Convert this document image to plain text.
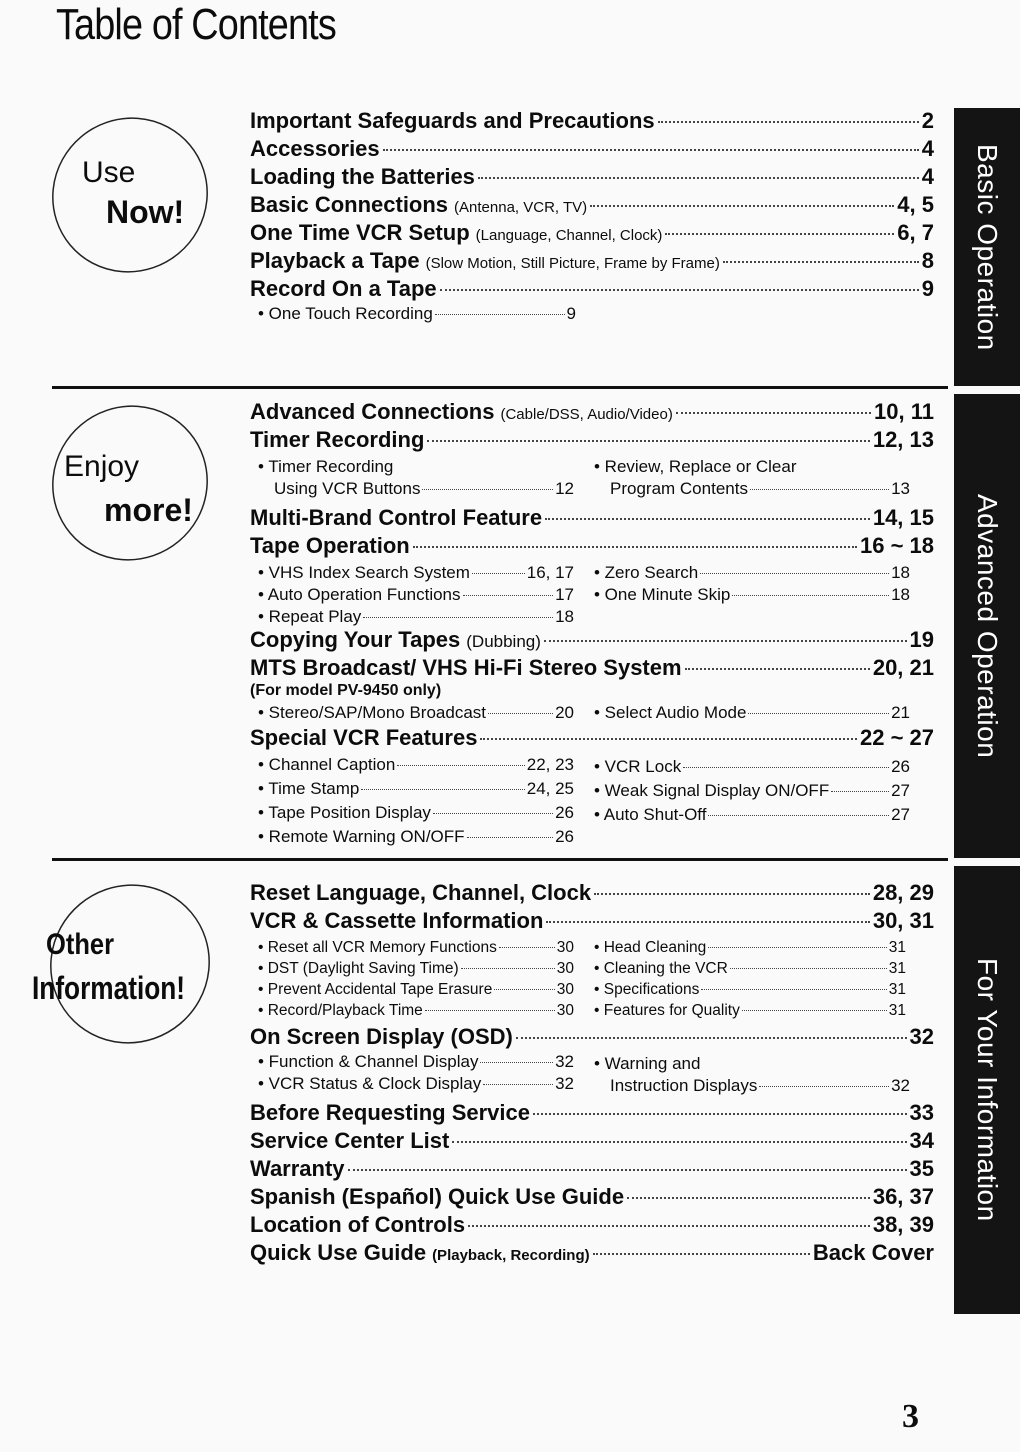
Table of Contents
Basic Operation
Advanced Operation
For Your Information
Use
Now!
Enjoy
more!
Other
Information!
Important Safeguards and Precautions	2
Accessories	4
Loading the Batteries	4
Basic Connections (Antenna, VCR, TV)	4, 5
One Time VCR Setup (Language, Channel, Clock)	6, 7
Playback a Tape (Slow Motion, Still Picture, Frame by Frame)	8
Record On a Tape	9
• One Touch Recording	9
Advanced Connections (Cable/DSS, Audio/Video)	10, 11
Timer Recording	12, 13
• Timer Recording
Using VCR Buttons	12
• Review, Replace or Clear
Program Contents	13
Multi-Brand Control Feature	14, 15
Tape Operation	16 ~ 18
• VHS Index Search System	16, 17
• Auto Operation Functions	17
• Repeat Play	18
• Zero Search	18
• One Minute Skip	18
Copying Your Tapes (Dubbing)	19
MTS Broadcast/ VHS Hi-Fi Stereo System	20, 21
(For model PV-9450 only)
• Stereo/SAP/Mono Broadcast	20 • Select Audio Mode	21
Special VCR Features	22 ~ 27
• Channel Caption	22, 23
• Time Stamp	24, 25
• Tape Position Display	26
• Remote Warning ON/OFF	26
• VCR Lock	26
• Weak Signal Display ON/OFF	27
• Auto Shut-Off	27
Reset Language, Channel, Clock	28, 29
VCR & Cassette Information	30, 31
• Reset all VCR Memory Functions	30
• DST (Daylight Saving Time)	30
• Prevent Accidental Tape Erasure	30
• Record/Playback Time	30
• Head Cleaning	31
• Cleaning the VCR	31
• Specifications	31
• Features for Quality	31
On Screen Display (OSD)	32
• Function & Channel Display	32
• VCR Status & Clock Display	32
• Warning and
Instruction Displays	32
Before Requesting Service	33
Service Center List	34
Warranty	35
Spanish (Español) Quick Use Guide	36, 37
Location of Controls	38, 39
Quick Use Guide (Playback, Recording)	Back Cover
3
